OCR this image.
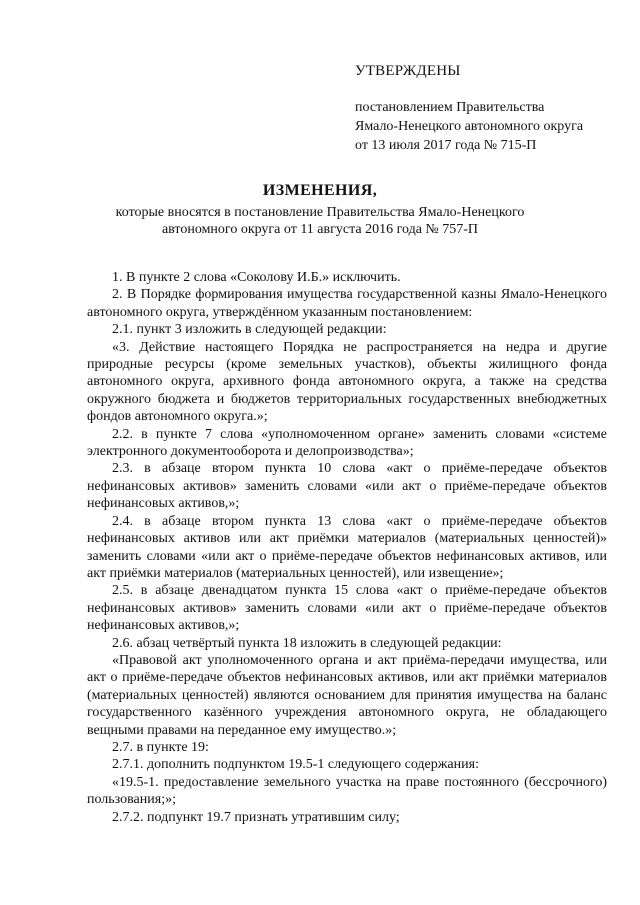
УТВЕРЖДЕНЫ
постановлением Правительства
Ямало-Ненецкого автономного округа
от 13 июля 2017 года № 715-П
ИЗМЕНЕНИЯ,
которые вносятся в постановление Правительства Ямало-Ненецкого
автономного округа от 11 августа 2016 года № 757-П

1. В пункте 2 слова «Соколову И.Б.» исключить.

2. В Порядке формирования имущества государственной казны Ямало-Ненецкого автономного округа, утверждённом указанным постановлением:

2.1. пункт 3 изложить в следующей редакции:

«3. Действие настоящего Порядка не распространяется на недра и другие природные ресурсы (кроме земельных участков), объекты жилищного фонда автономного округа, архивного фонда автономного округа, а также на средства окружного бюджета и бюджетов территориальных государственных внебюджетных фондов автономного округа.»;

2.2. в пункте 7 слова «уполномоченном органе» заменить словами «системе электронного документооборота и делопроизводства»;

2.3. в абзаце втором пункта 10 слова «акт о приёме-передаче объектов нефинансовых активов» заменить словами «или акт о приёме-передаче объектов нефинансовых активов,»;

2.4. в абзаце втором пункта 13 слова «акт о приёме-передаче объектов нефинансовых активов или акт приёмки материалов (материальных ценностей)» заменить словами «или акт о приёме-передаче объектов нефинансовых активов, или акт приёмки материалов (материальных ценностей), или извещение»;

2.5. в абзаце двенадцатом пункта 15 слова «акт о приёме-передаче объектов нефинансовых активов» заменить словами «или акт о приёме-передаче объектов нефинансовых активов,»;

2.6. абзац четвёртый пункта 18 изложить в следующей редакции:

«Правовой акт уполномоченного органа и акт приёма-передачи имущества, или акт о приёме-передаче объектов нефинансовых активов, или акт приёмки материалов (материальных ценностей) являются основанием для принятия имущества на баланс государственного казённого учреждения автономного округа, не обладающего вещными правами на переданное ему имущество.»;

2.7. в пункте 19:

2.7.1. дополнить подпунктом 19.5-1 следующего содержания:

«19.5-1. предоставление земельного участка на праве постоянного (бессрочного) пользования;»;

2.7.2. подпункт 19.7 признать утратившим силу;
